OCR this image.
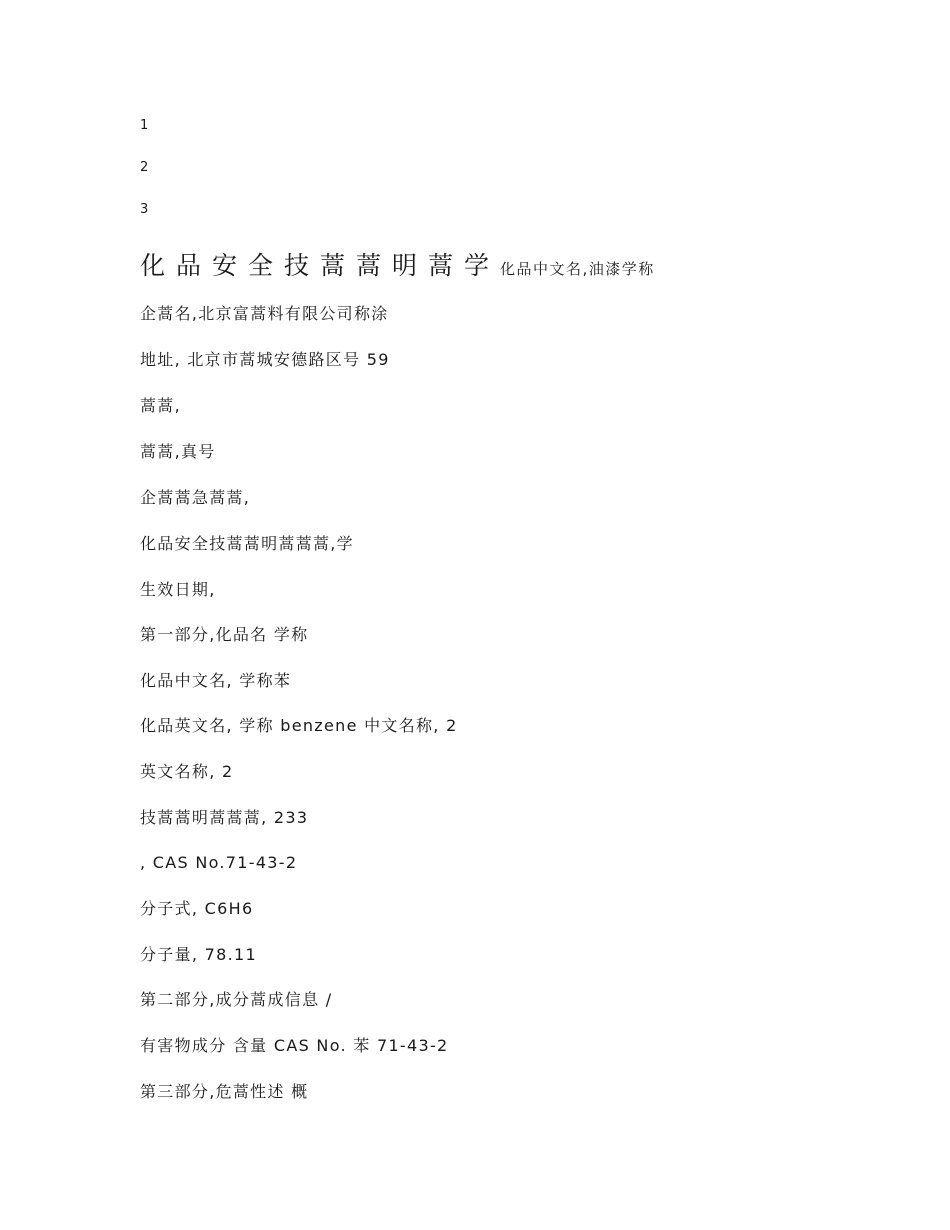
1
2
3
化品安全技蒿蒿明蒿学化品中文名,油漆学称
企蒿名,北京富蒿料有限公司称涂
地址, 北京市蒿城安德路区号 59
蒿蒿,
蒿蒿,真号
企蒿蒿急蒿蒿,
化品安全技蒿蒿明蒿蒿蒿,学
生效日期,
第一部分,化品名 学称
化品中文名, 学称苯
化品英文名, 学称 benzene 中文名称, 2
英文名称, 2
技蒿蒿明蒿蒿蒿, 233
, CAS No.71-43-2
分子式, C6H6
分子量, 78.11
第二部分,成分蒿成信息 /
有害物成分 含量 CAS No. 苯 71-43-2
第三部分,危蒿性述 概
